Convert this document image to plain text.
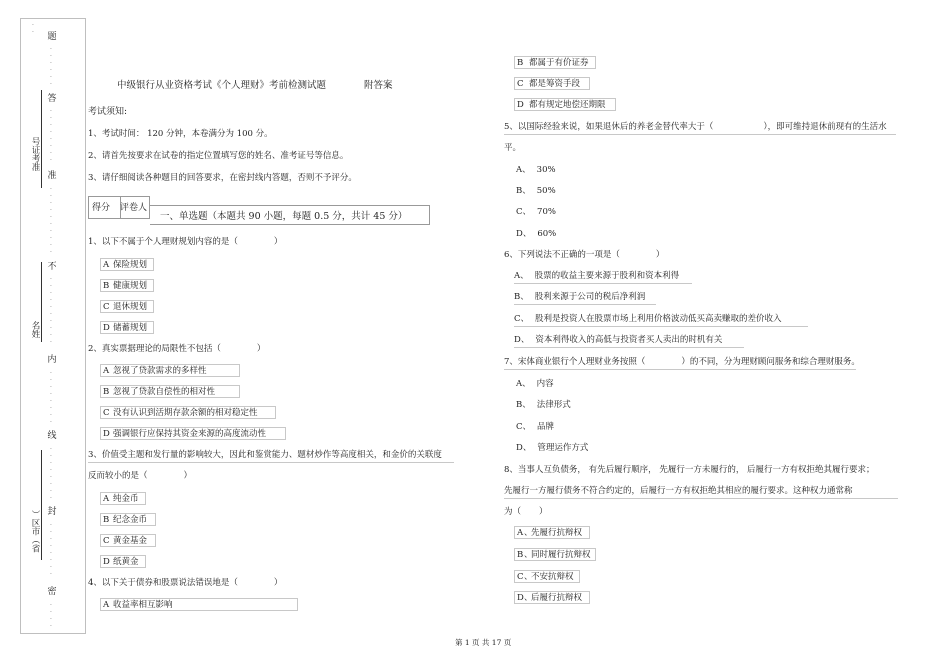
·
·	题
·
·
·
·
·
·
答
·
·
·
·
·
·
·
·
准
·
·
·
·
·
·
·
·
·
·
不
·
·
·
·
·
·
·
·
·
·
内
·
·
·
·
·
·
·
·
线
·
·
·
·
·
·
·
·
封
·
·
·
·
·
·
·
·
密
·
·
·
·
号证考准
名姓
）区市（省
中级银行从业资格考试《个人理财》考前检测试题	附答案
考试须知:
1、考试时间： 120 分钟，本卷满分为 100 分。
2、请首先按要求在试卷的指定位置填写您的姓名、准考证号等信息。
3、请仔细阅读各种题目的回答要求，在密封线内答题，否则不予评分。
得分 评卷人
一、单选题（本题共 90 小题，每题 0.5 分，共计 45 分）
1、以下不属于个人理财规划内容的是（	）
A 保险规划
B 健康规划
C 退休规划
D 储蓄规划
2、真实票据理论的局限性不包括（	）
A 忽视了贷款需求的多样性
B 忽视了贷款自偿性的相对性
C 没有认识到活期存款余额的相对稳定性
D 强调银行应保持其资金来源的高度流动性
3、价值受主题和发行量的影响较大，因此和鉴赏能力、题材炒作等高度相关，和金价的关联度
反而较小的是（	）
A 纯金币
B 纪念金币
C 黄金基金
D 纸黄金
4、以下关于债券和股票说法错误地是（	）
A 收益率相互影响
B 都属于有价证券
C 都是筹资手段
D 都有规定地偿还期限
5、以国际经验来说，如果退休后的养老金替代率大于（	），即可维持退休前现有的生活水
平。
A、 30%
B、 50%
C、 70%
D、 60%
6、下列说法不正确的一项是（	）
A、 股票的收益主要来源于股利和资本利得
B、 股利来源于公司的税后净利润
C、 股利是投资人在股票市场上利用价格波动低买高卖赚取的差价收入
D、 资本利得收入的高低与投资者买人卖出的时机有关
7、宋体商业银行个人理财业务按照（	）的不同，分为理财顾问服务和综合理财服务。
A、 内容
B、 法律形式
C、 品牌
D、 管理运作方式
8、当事人互负债务， 有先后履行顺序， 先履行一方未履行的， 后履行一方有权拒绝其履行要求；
先履行一方履行债务不符合约定的，后履行一方有权拒绝其相应的履行要求。这种权力通常称
为（ ）
A 、
先履行抗辩权
B 、
同时履行抗辩权
C 、
不安抗辩权
D 、
后履行抗辩权
第 1 页 共 17 页
